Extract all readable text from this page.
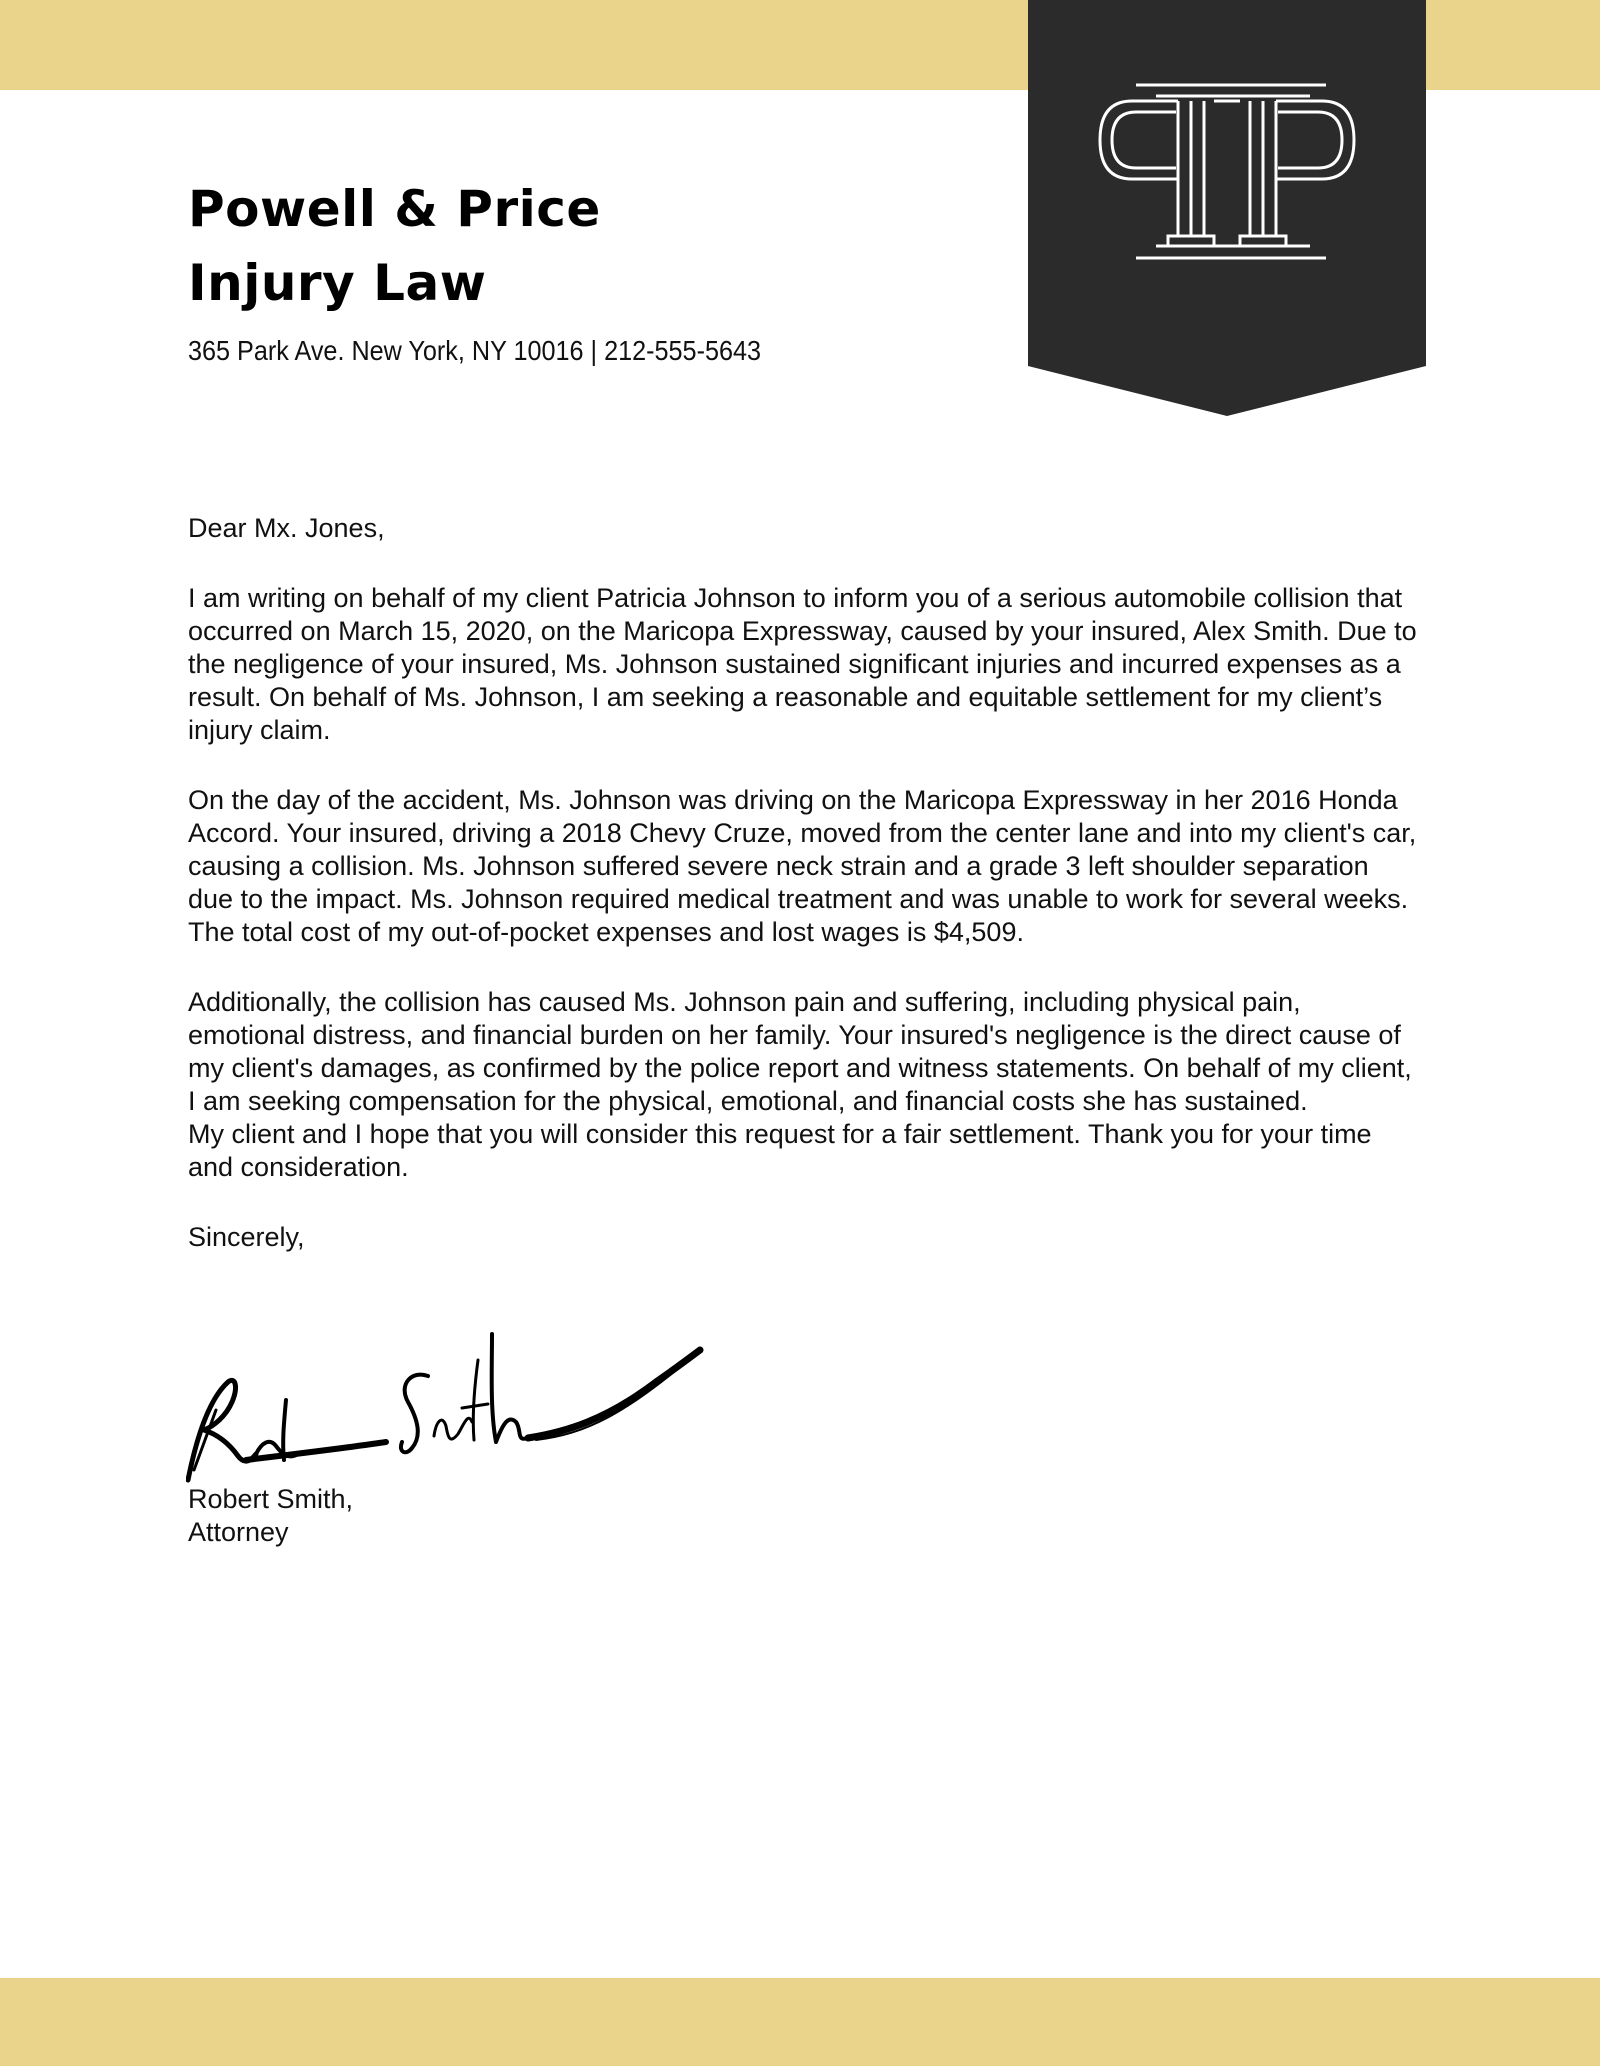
Powell & Price
Injury Law
365 Park Ave. New York, NY 10016 | 212-555-5643

Dear Mx. Jones,

I am writing on behalf of my client Patricia Johnson to inform you of a serious automobile collision that occurred on March 15, 2020, on the Maricopa Expressway, caused by your insured, Alex Smith. Due to the negligence of your insured, Ms. Johnson sustained significant injuries and incurred expenses as a result. On behalf of Ms. Johnson, I am seeking a reasonable and equitable settlement for my client’s injury claim.

On the day of the accident, Ms. Johnson was driving on the Maricopa Expressway in her 2016 Honda Accord. Your insured, driving a 2018 Chevy Cruze, moved from the center lane and into my client's car, causing a collision. Ms. Johnson suffered severe neck strain and a grade 3 left shoulder separation due to the impact. Ms. Johnson required medical treatment and was unable to work for several weeks. The total cost of my out-of-pocket expenses and lost wages is $4,509.

Additionally, the collision has caused Ms. Johnson pain and suffering, including physical pain, emotional distress, and financial burden on her family. Your insured's negligence is the direct cause of my client's damages, as confirmed by the police report and witness statements. On behalf of my client, I am seeking compensation for the physical, emotional, and financial costs she has sustained.

My client and I hope that you will consider this request for a fair settlement. Thank you for your time and consideration.

Sincerely,

Robert Smith,
Attorney
